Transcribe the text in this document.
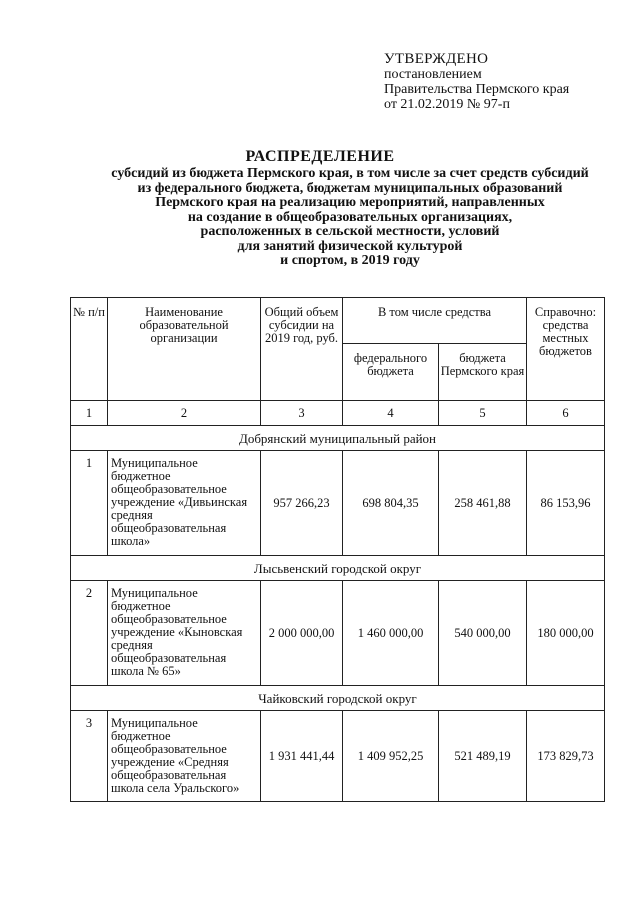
УТВЕРЖДЕНО
постановлением
Правительства Пермского края
от 21.02.2019 № 97-п
РАСПРЕДЕЛЕНИЕ
субсидий из бюджета Пермского края, в том числе за счет средств субсидий
из федерального бюджета, бюджетам муниципальных образований
Пермского края на реализацию мероприятий, направленных
на создание в общеобразовательных организациях,
расположенных в сельской местности, условий
для занятий физической культурой
и спортом, в 2019 году
№ п/п	Наименование образовательной организации	Общий объем субсидии на 2019 год, руб.	В том числе средства		Справочно: средства местных бюджетов
			федерального бюджета	бюджета Пермского края	
1	2	3	4	5	6
Добрянский муниципальный район					
1	Муниципальное бюджетное общеобразовательное учреждение «Дивьинская средняя общеобразовательная школа»	957 266,23	698 804,35	258 461,88	86 153,96
Лысьвенский городской округ					
2	Муниципальное бюджетное общеобразовательное учреждение «Кыновская средняя общеобразовательная школа № 65»	2 000 000,00	1 460 000,00	540 000,00	180 000,00
Чайковский городской округ					
3	Муниципальное бюджетное общеобразовательное учреждение «Средняя общеобразовательная школа села Уральского»	1 931 441,44	1 409 952,25	521 489,19	173 829,73
